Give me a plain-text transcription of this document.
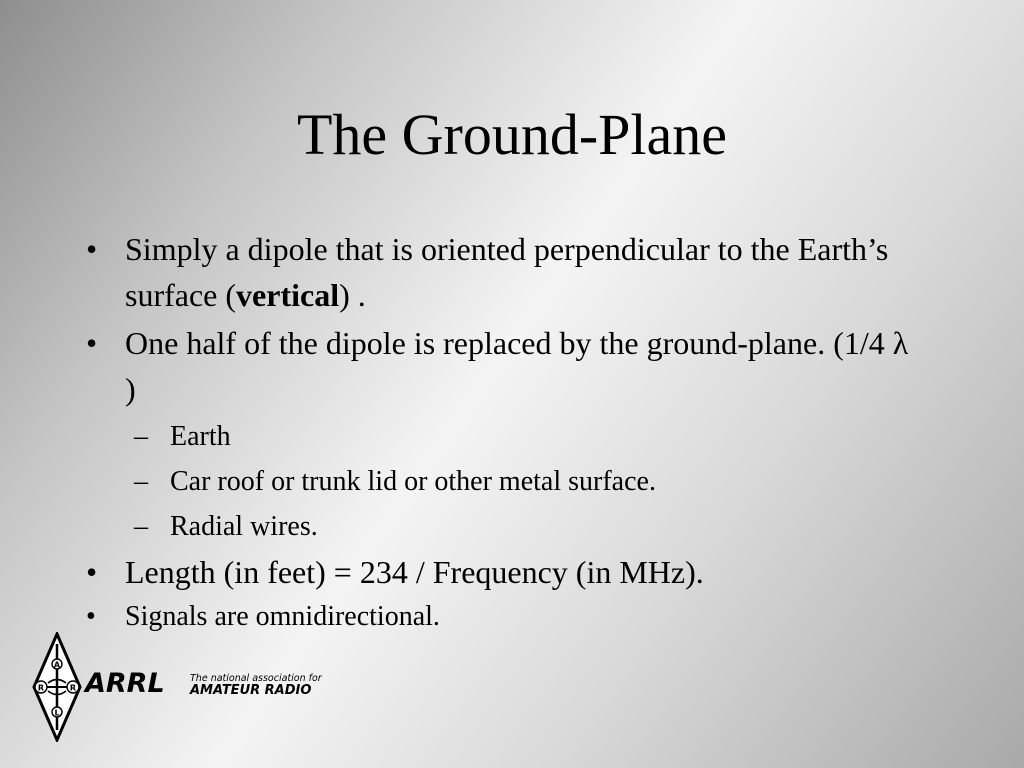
The Ground-Plane
• Simply a dipole that is oriented perpendicular to the Earth’s surface (vertical) .
• One half of the dipole is replaced by the ground-plane. (1/4 λ )
– Earth
– Car roof or trunk lid or other metal surface.
– Radial wires.
• Length (in feet) = 234 / Frequency (in MHz).
• Signals are omnidirectional.
A
R	R
L
ARRL	The national association for
AMATEUR RADIO
